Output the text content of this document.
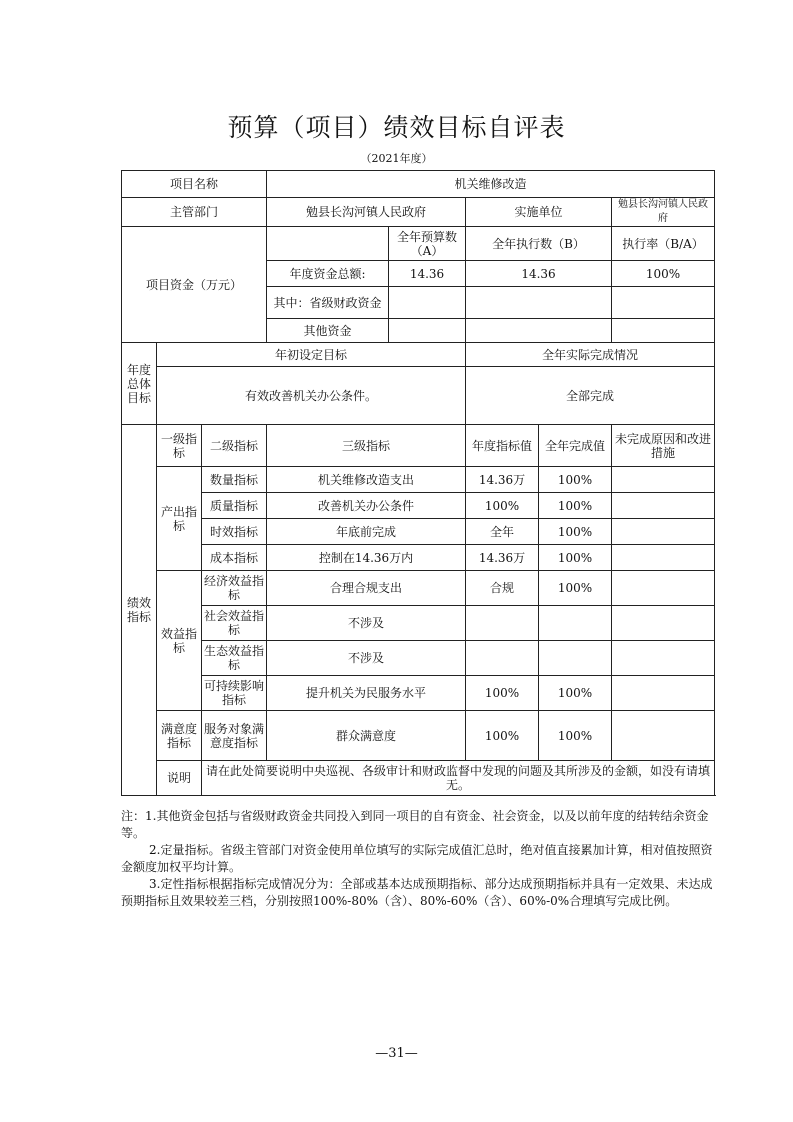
预算（项目）绩效目标自评表
（2021年度）
项目名称			机关维修改造				
主管部门			勉县长沟河镇人民政府		实施单位		勉县长沟河镇人民政府
项目资金（万元）				全年预算数（A）	全年执行数（B）		执行率（B/A）
			年度资金总额:	14.36	14.36		100%
			其中：省级财政资金				
			其他资金				
年度总体目标	年初设定目标				全年实际完成情况		
	有效改善机关办公条件。				全部完成		
绩效指标	一级指标	二级指标	三级指标		年度指标值	全年完成值	未完成原因和改进措施
	产出指标	数量指标	机关维修改造支出		14.36万	100%	
		质量指标	改善机关办公条件		100%	100%	
		时效指标	年底前完成		全年	100%	
		成本指标	控制在14.36万内		14.36万	100%	
	效益指标	经济效益指标	合理合规支出		合规	100%	
		社会效益指标	不涉及				
		生态效益指标	不涉及				
		可持续影响指标	提升机关为民服务水平		100%	100%	
	满意度指标	服务对象满意度指标	群众满意度		100%	100%	
	说明	请在此处简要说明中央巡视、各级审计和财政监督中发现的问题及其所涉及的金额，如没有请填无。					

注：1.其他资金包括与省级财政资金共同投入到同一项目的自有资金、社会资金，以及以前年度的结转结余资金等。

2.定量指标。省级主管部门对资金使用单位填写的实际完成值汇总时，绝对值直接累加计算，相对值按照资金额度加权平均计算。

3.定性指标根据指标完成情况分为：全部或基本达成预期指标、部分达成预期指标并具有一定效果、未达成预期指标且效果较差三档，分别按照100%-80%（含）、80%-60%（含）、60%-0%合理填写完成比例。

—31—
